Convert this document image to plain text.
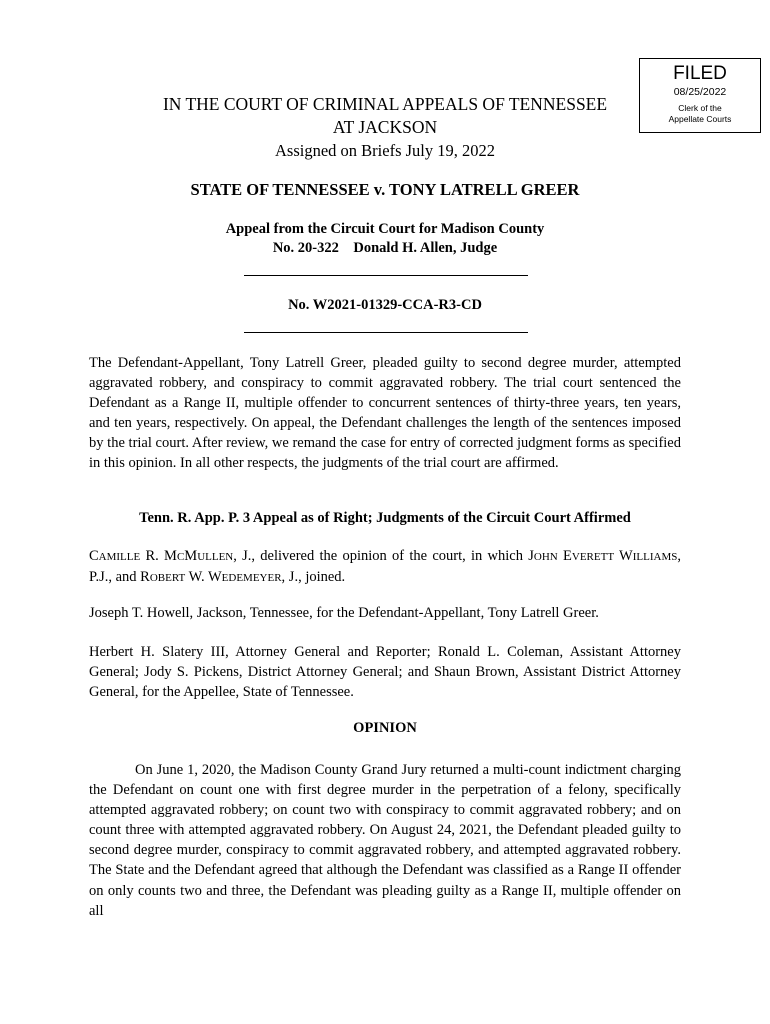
FILED
08/25/2022
Clerk of the
Appellate Courts
IN THE COURT OF CRIMINAL APPEALS OF TENNESSEE
AT JACKSON
Assigned on Briefs July 19, 2022
STATE OF TENNESSEE v. TONY LATRELL GREER
Appeal from the Circuit Court for Madison County
No. 20-322    Donald H. Allen, Judge
No. W2021-01329-CCA-R3-CD
The Defendant-Appellant, Tony Latrell Greer, pleaded guilty to second degree murder, attempted aggravated robbery, and conspiracy to commit aggravated robbery. The trial court sentenced the Defendant as a Range II, multiple offender to concurrent sentences of thirty-three years, ten years, and ten years, respectively. On appeal, the Defendant challenges the length of the sentences imposed by the trial court. After review, we remand the case for entry of corrected judgment forms as specified in this opinion. In all other respects, the judgments of the trial court are affirmed.
Tenn. R. App. P. 3 Appeal as of Right; Judgments of the Circuit Court Affirmed
CAMILLE R. MCMULLEN, J., delivered the opinion of the court, in which JOHN EVERETT WILLIAMS, P.J., and ROBERT W. WEDEMEYER, J., joined.
Joseph T. Howell, Jackson, Tennessee, for the Defendant-Appellant, Tony Latrell Greer.
Herbert H. Slatery III, Attorney General and Reporter; Ronald L. Coleman, Assistant Attorney General; Jody S. Pickens, District Attorney General; and Shaun Brown, Assistant District Attorney General, for the Appellee, State of Tennessee.
OPINION
On June 1, 2020, the Madison County Grand Jury returned a multi-count indictment charging the Defendant on count one with first degree murder in the perpetration of a felony, specifically attempted aggravated robbery; on count two with conspiracy to commit aggravated robbery; and on count three with attempted aggravated robbery. On August 24, 2021, the Defendant pleaded guilty to second degree murder, conspiracy to commit aggravated robbery, and attempted aggravated robbery. The State and the Defendant agreed that although the Defendant was classified as a Range II offender on only counts two and three, the Defendant was pleading guilty as a Range II, multiple offender on all
